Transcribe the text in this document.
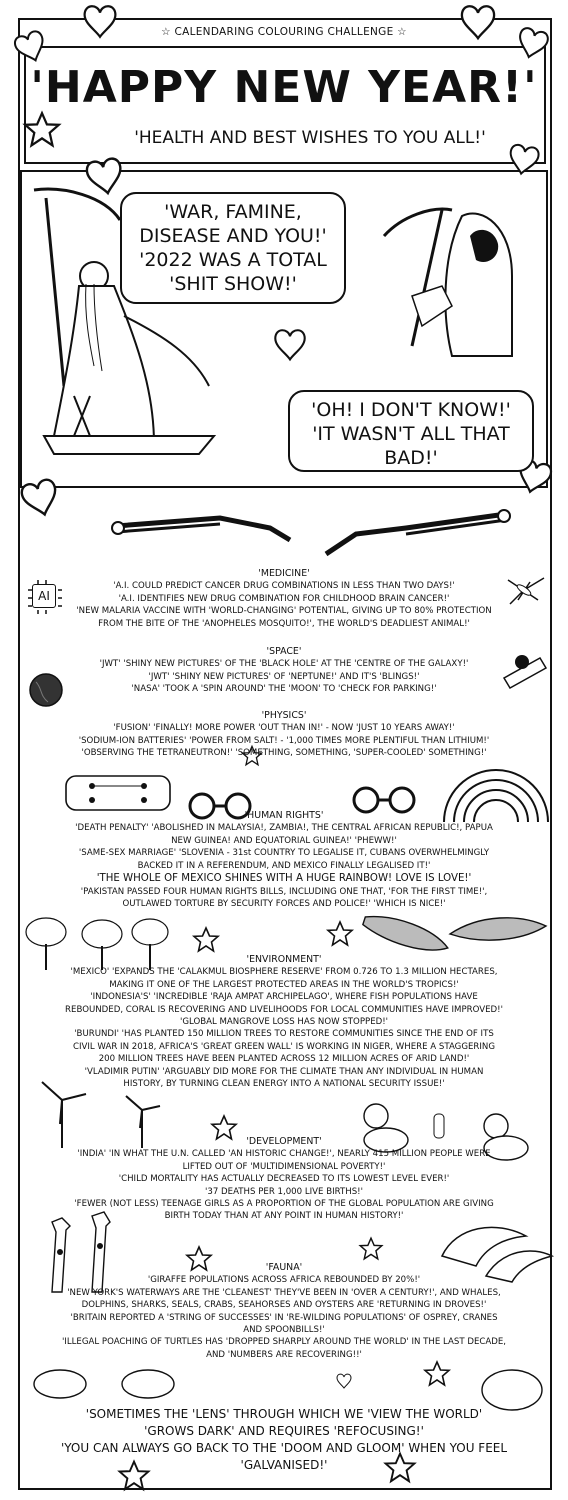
☆ CALENDARING COLOURING CHALLENGE ☆
'HAPPY NEW YEAR!'
'HEALTH AND BEST WISHES TO YOU ALL!'
'WAR, FAMINE,
DISEASE AND YOU!'
'2022 WAS A TOTAL
'SHIT SHOW!'
'OH! I DON'T KNOW!'
'IT WASN'T ALL THAT
BAD!'
AI
'MEDICINE'
'A.I. COULD PREDICT CANCER DRUG COMBINATIONS IN LESS THAN TWO DAYS!'
'A.I. IDENTIFIES NEW DRUG COMBINATION FOR CHILDHOOD BRAIN CANCER!'
'NEW MALARIA VACCINE WITH 'WORLD-CHANGING' POTENTIAL, GIVING UP TO 80% PROTECTION
FROM THE BITE OF THE 'ANOPHELES MOSQUITO!', THE WORLD'S DEADLIEST ANIMAL!'
'SPACE'
'JWT' 'SHINY NEW PICTURES' OF THE 'BLACK HOLE' AT THE 'CENTRE OF THE GALAXY!'
'JWT' 'SHINY NEW PICTURES' OF 'NEPTUNE!' AND IT'S 'BLINGS!'
'NASA' 'TOOK A 'SPIN AROUND' THE 'MOON' TO 'CHECK FOR PARKING!'
'PHYSICS'
'FUSION' 'FINALLY! MORE POWER 'OUT THAN IN!' - NOW 'JUST 10 YEARS AWAY!'
'SODIUM-ION BATTERIES' 'POWER FROM SALT! - '1,000 TIMES MORE PLENTIFUL THAN LITHIUM!'
'OBSERVING THE TETRANEUTRON!' 'SOMETHING, SOMETHING, 'SUPER-COOLED' SOMETHING!'
'HUMAN RIGHTS'
'DEATH PENALTY' 'ABOLISHED IN MALAYSIA!, ZAMBIA!, THE CENTRAL AFRICAN REPUBLIC!, PAPUA
NEW GUINEA! AND EQUATORIAL GUINEA!' 'PHEWW!'
'SAME-SEX MARRIAGE' 'SLOVENIA - 31st COUNTRY TO LEGALISE IT, CUBANS OVERWHELMINGLY
BACKED IT IN A REFERENDUM, AND MEXICO FINALLY LEGALISED IT!'
'THE WHOLE OF MEXICO SHINES WITH A HUGE RAINBOW! LOVE IS LOVE!'
'PAKISTAN PASSED FOUR HUMAN RIGHTS BILLS, INCLUDING ONE THAT, 'FOR THE FIRST TIME!',
OUTLAWED TORTURE BY SECURITY FORCES AND POLICE!' 'WHICH IS NICE!'
'ENVIRONMENT'
'MEXICO' 'EXPANDS THE 'CALAKMUL BIOSPHERE RESERVE' FROM 0.726 TO 1.3 MILLION HECTARES,
MAKING IT ONE OF THE LARGEST PROTECTED AREAS IN THE WORLD'S TROPICS!'
'INDONESIA'S' 'INCREDIBLE 'RAJA AMPAT ARCHIPELAGO', WHERE FISH POPULATIONS HAVE
REBOUNDED, CORAL IS RECOVERING AND LIVELIHOODS FOR LOCAL COMMUNITIES HAVE IMPROVED!'
'GLOBAL MANGROVE LOSS HAS NOW STOPPED!'
'BURUNDI' 'HAS PLANTED 150 MILLION TREES TO RESTORE COMMUNITIES SINCE THE END OF ITS
CIVIL WAR IN 2018, AFRICA'S 'GREAT GREEN WALL' IS WORKING IN NIGER, WHERE A STAGGERING
200 MILLION TREES HAVE BEEN PLANTED ACROSS 12 MILLION ACRES OF ARID LAND!'
'VLADIMIR PUTIN' 'ARGUABLY DID MORE FOR THE CLIMATE THAN ANY INDIVIDUAL IN HUMAN
HISTORY, BY TURNING CLEAN ENERGY INTO A NATIONAL SECURITY ISSUE!'
'DEVELOPMENT'
'INDIA' 'IN WHAT THE U.N. CALLED 'AN HISTORIC CHANGE!', NEARLY 415 MILLION PEOPLE WERE
LIFTED OUT OF 'MULTIDIMENSIONAL POVERTY!'
'CHILD MORTALITY HAS ACTUALLY DECREASED TO ITS LOWEST LEVEL EVER!'
'37 DEATHS PER 1,000 LIVE BIRTHS!'
'FEWER (NOT LESS) TEENAGE GIRLS AS A PROPORTION OF THE GLOBAL POPULATION ARE GIVING
BIRTH TODAY THAN AT ANY POINT IN HUMAN HISTORY!'
'FAUNA'
'GIRAFFE POPULATIONS ACROSS AFRICA REBOUNDED BY 20%!'
'NEW YORK'S WATERWAYS ARE THE 'CLEANEST' THEY'VE BEEN IN 'OVER A CENTURY!', AND WHALES,
DOLPHINS, SHARKS, SEALS, CRABS, SEAHORSES AND OYSTERS ARE 'RETURNING IN DROVES!'
'BRITAIN REPORTED A 'STRING OF SUCCESSES' IN 'RE-WILDING POPULATIONS' OF OSPREY, CRANES
AND SPOONBILLS!'
'ILLEGAL POACHING OF TURTLES HAS 'DROPPED SHARPLY AROUND THE WORLD' IN THE LAST DECADE,
AND 'NUMBERS ARE RECOVERING!!'
'SOMETIMES THE 'LENS' THROUGH WHICH WE 'VIEW THE WORLD'
'GROWS DARK' AND REQUIRES 'REFOCUSING!'
'YOU CAN ALWAYS GO BACK TO THE 'DOOM AND GLOOM' WHEN YOU FEEL
'GALVANISED!'
